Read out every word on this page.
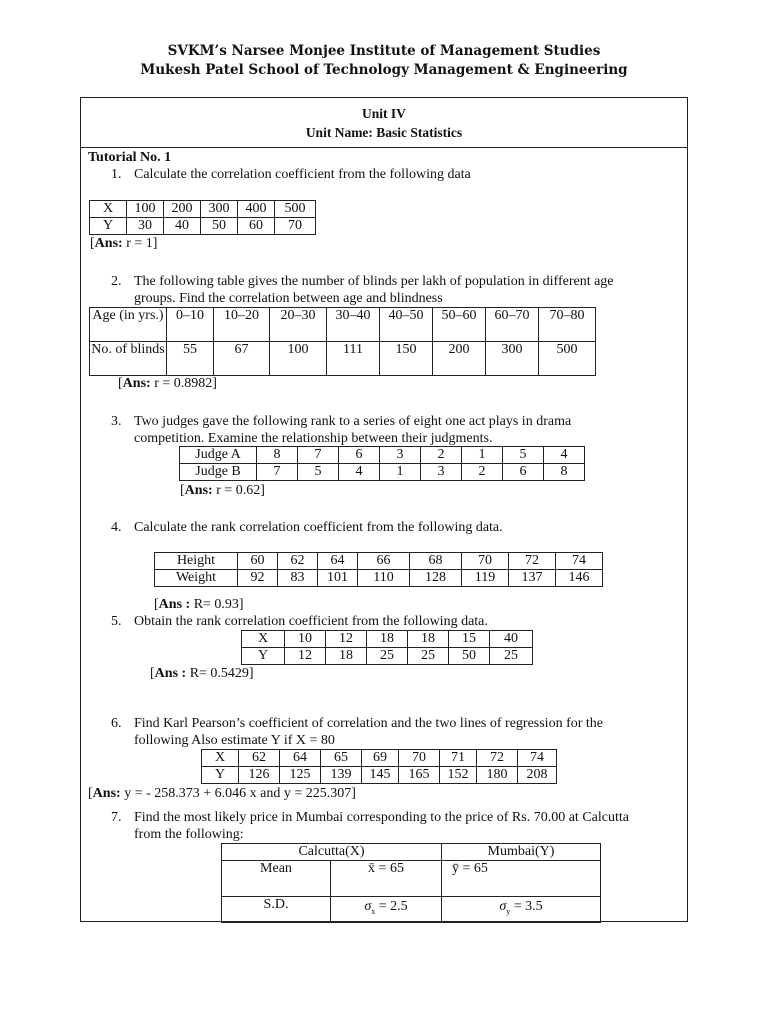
SVKM’s Narsee Monjee Institute of Management Studies
Mukesh Patel School of Technology Management & Engineering
Unit IV
Unit Name: Basic Statistics
Tutorial No. 1
1. Calculate the correlation coefficient from the following data
X	100	200	300	400	500
Y	30	40	50	60	70
[Ans: r = 1]
2. The following table gives the number of blinds per lakh of population in different age
groups. Find the correlation between age and blindness
Age (in yrs.)	0–10	10–20	20–30	30–40	40–50	50–60	60–70	70–80
No. of blinds	55	67	100	111	150	200	300	500
[Ans: r = 0.8982]
3. Two judges gave the following rank to a series of eight one act plays in drama
competition. Examine the relationship between their judgments.
Judge A	8	7	6	3	2	1	5	4
Judge B	7	5	4	1	3	2	6	8
[Ans: r = 0.62]
4. Calculate the rank correlation coefficient from the following data.
Height	60	62	64	66	68	70	72	74
Weight	92	83	101	110	128	119	137	146
[Ans : R= 0.93]
5. Obtain the rank correlation coefficient from the following data.
X	10	12	18	18	15	40
Y	12	18	25	25	50	25
[Ans : R= 0.5429]
6. Find Karl Pearson’s coefficient of correlation and the two lines of regression for the
following Also estimate Y if X = 80
X	62	64	65	69	70	71	72	74
Y	126	125	139	145	165	152	180	208
[Ans: y = - 258.373 + 6.046 x and y = 225.307]
7. Find the most likely price in Mumbai corresponding to the price of Rs. 70.00 at Calcutta
from the following:
Calcutta(X)		Mumbai(Y)
Mean	x̄ = 65	ȳ = 65
S.D.	$\sigma_x = 2.5$	$\sigma_y = 3.5$
